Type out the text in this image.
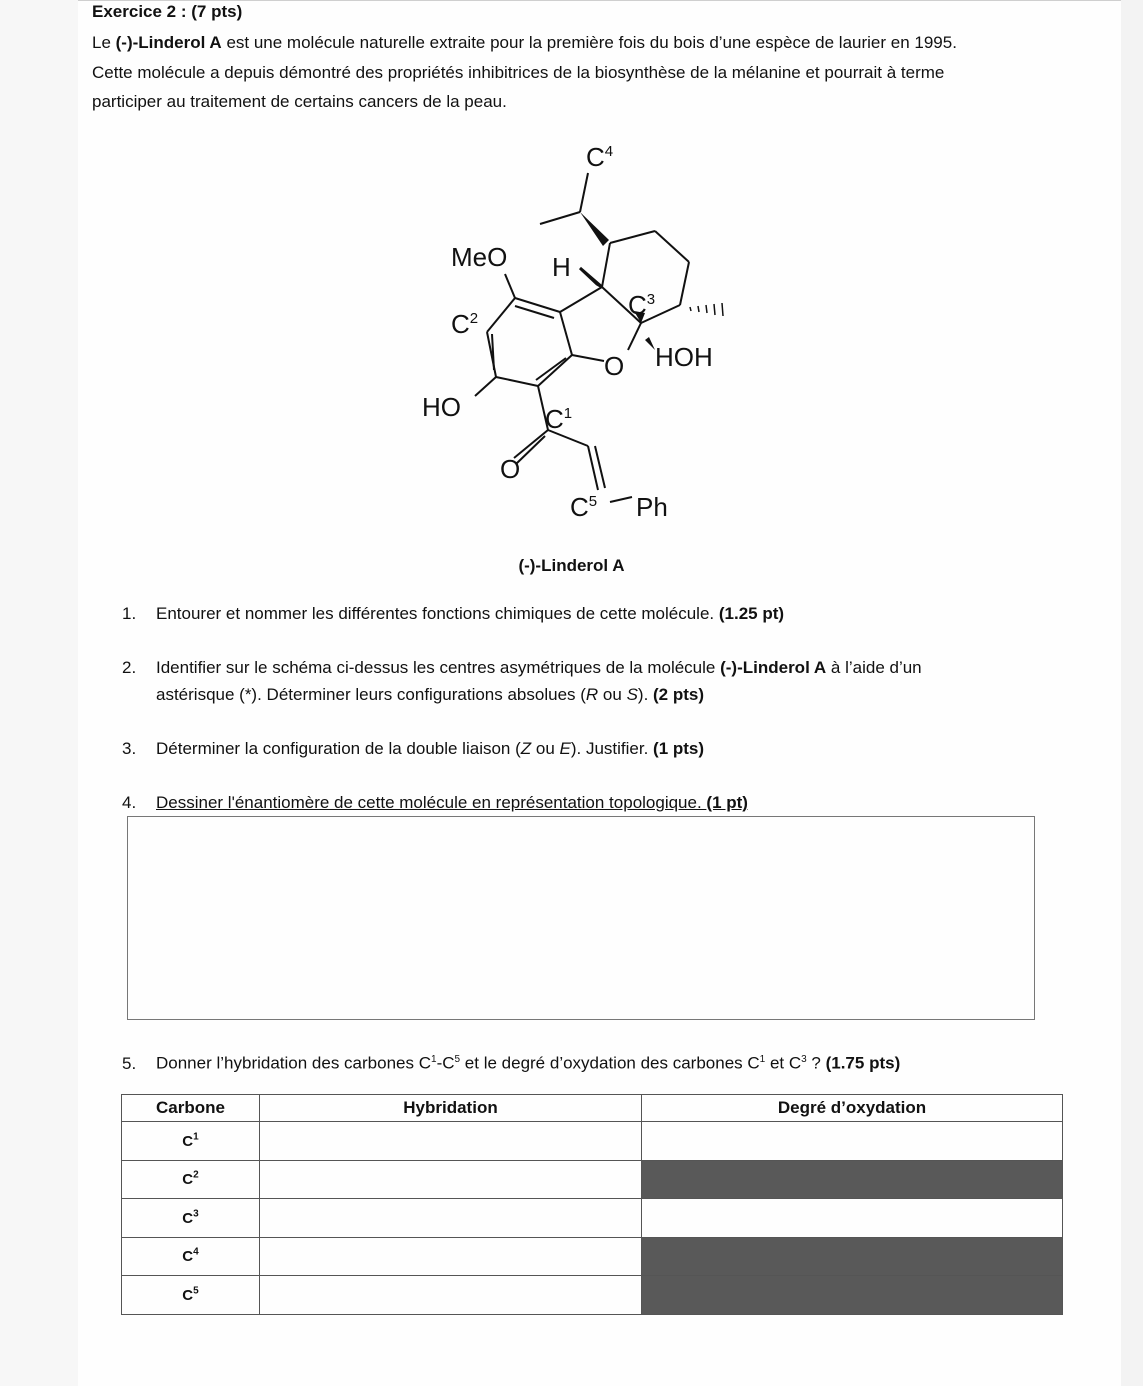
Exercice 2 : (7 pts)
Le (-)-Linderol A est une molécule naturelle extraite pour la première fois du bois d’une espèce de laurier en 1995.
Cette molécule a depuis démontré des propriétés inhibitrices de la biosynthèse de la mélanine et pourrait à terme
participer au traitement de certains cancers de la peau.
$C^4$
MeO H
$C^3$
$C^2$
O HOH
HO	$C^1$
O
$C^5$ Ph
(-)-Linderol A
1. Entourer et nommer les différentes fonctions chimiques de cette molécule. (1.25 pt)
2. Identifier sur le schéma ci-dessus les centres asymétriques de la molécule (-)-Linderol A à l’aide d’un
astérisque (*). Déterminer leurs configurations absolues (R ou S). (2 pts)
3. Déterminer la configuration de la double liaison (Z ou E). Justifier. (1 pts)
4. Dessiner l'énantiomère de cette molécule en représentation topologique. (1 pt)
5. Donner l’hybridation des carbones $C^1-C^5$ et le degré d’oxydation des carbones $C^1$ et $C^3$ ? (1.75 pts)
Carbone	Hybridation	Degré d’oxydation
$C^1$		
$C^2$		
$C^3$		
$C^4$		
$C^5$		
